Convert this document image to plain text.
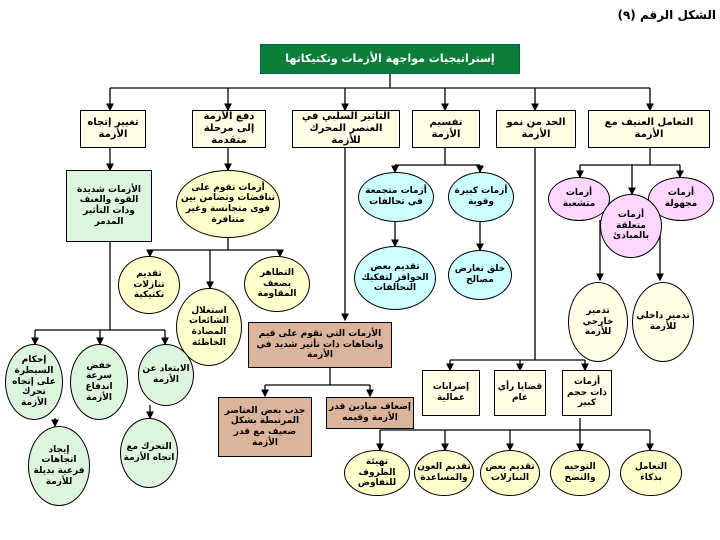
الشكل الرقم (٩)
إستراتيجيات مواجهة الأزمات وتكتيكاتها
التعامل العنيف مع الأزمة
الحد من نمو الأزمة
تفسيم الأزمة
التأثير السلبي في العنصر المحرك للأزمة
دفع الأزمة إلى مرحلة متقدمة
تغيير إتجاه الأزمة
أزمات متشعبة
أزمات مجهولة
أزمات متعلقة بالمبادئ
تدمير خارجي للأزمة
تدمير داخلي للأزمة
أزمات ذات حجم كبير
قضايا رأي عام
إضرابات عمالية
أزمات كبيرة وقوية
أزمات متجمعة في تحالفات
خلق تعارض مصالح
تقديم بعض الحوافز لتفكيك التحالفات
الأزمات التي تقوم على قيم واتجاهات ذات تأثير شديد في الأزمة
إضعاف ميادين قدر الأزمة وقيمه
جذب بعض العناصر المرتبطة بشكل ضعيف مع قدر الأزمة
أزمات تقوم على تناقضات وتضامن بين قوى متجانسة وغير متنافرة
تقديم تنازلات تكتيكية
استغلال الشائعات المضادة الخاطئة
التظاهر بضعف المقاومة
الأزمات شديدة القوة والعنف وذات التأثير المدمر
إحكام السيطرة على إتجاه تحرك الأزمة
خفض سرعة اندفاع الأزمة
الابتعاد عن الأزمة
إيجاد اتجاهات فرعية بديلة للأزمة
التحرك مع اتجاه الأزمة
التعامل بذكاء
التوجيه والنصح
تقديم بعض التنازلات
تقديم العون والمساعدة
تهيئة الظروف للتفاوض
